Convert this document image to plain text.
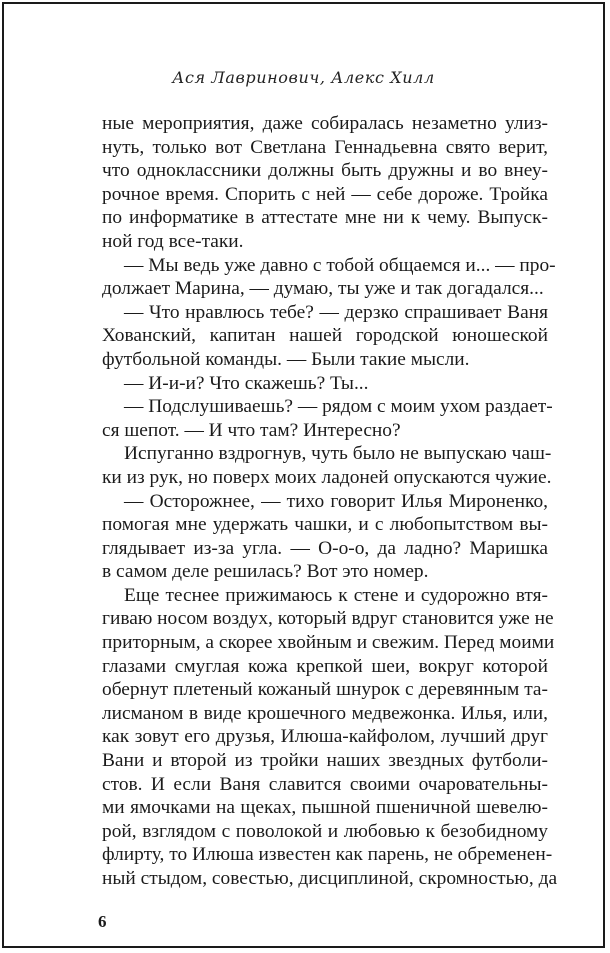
Ася Лавринович, Алекс Хилл
ные мероприятия, даже собиралась незаметно улиз-
нуть, только вот Светлана Геннадьевна свято верит,
что одноклассники должны быть дружны и во внеу-
рочное время. Спорить с ней — себе дороже. Тройка
по информатике в аттестате мне ни к чему. Выпуск-
ной год все-таки.
— Мы ведь уже давно с тобой общаемся и... — про-
должает Марина, — думаю, ты уже и так догадался...
— Что нравлюсь тебе? — дерзко спрашивает Ваня
Хованский, капитан нашей городской юношеской
футбольной команды. — Были такие мысли.
— И-и-и? Что скажешь? Ты...
— Подслушиваешь? — рядом с моим ухом раздает-
ся шепот. — И что там? Интересно?
Испуганно вздрогнув, чуть было не выпускаю чаш-
ки из рук, но поверх моих ладоней опускаются чужие.
— Осторожнее, — тихо говорит Илья Мироненко,
помогая мне удержать чашки, и с любопытством вы-
глядывает из-за угла. — О-о-о, да ладно? Маришка
в самом деле решилась? Вот это номер.
Еще теснее прижимаюсь к стене и судорожно втя-
гиваю носом воздух, который вдруг становится уже не
приторным, а скорее хвойным и свежим. Перед моими
глазами смуглая кожа крепкой шеи, вокруг которой
обернут плетеный кожаный шнурок с деревянным та-
лисманом в виде крошечного медвежонка. Илья, или,
как зовут его друзья, Илюша-кайфолом, лучший друг
Вани и второй из тройки наших звездных футболи-
стов. И если Ваня славится своими очаровательны-
ми ямочками на щеках, пышной пшеничной шевелю-
рой, взглядом с поволокой и любовью к безобидному
флирту, то Илюша известен как парень, не обременен-
ный стыдом, совестью, дисциплиной, скромностью, да
6
